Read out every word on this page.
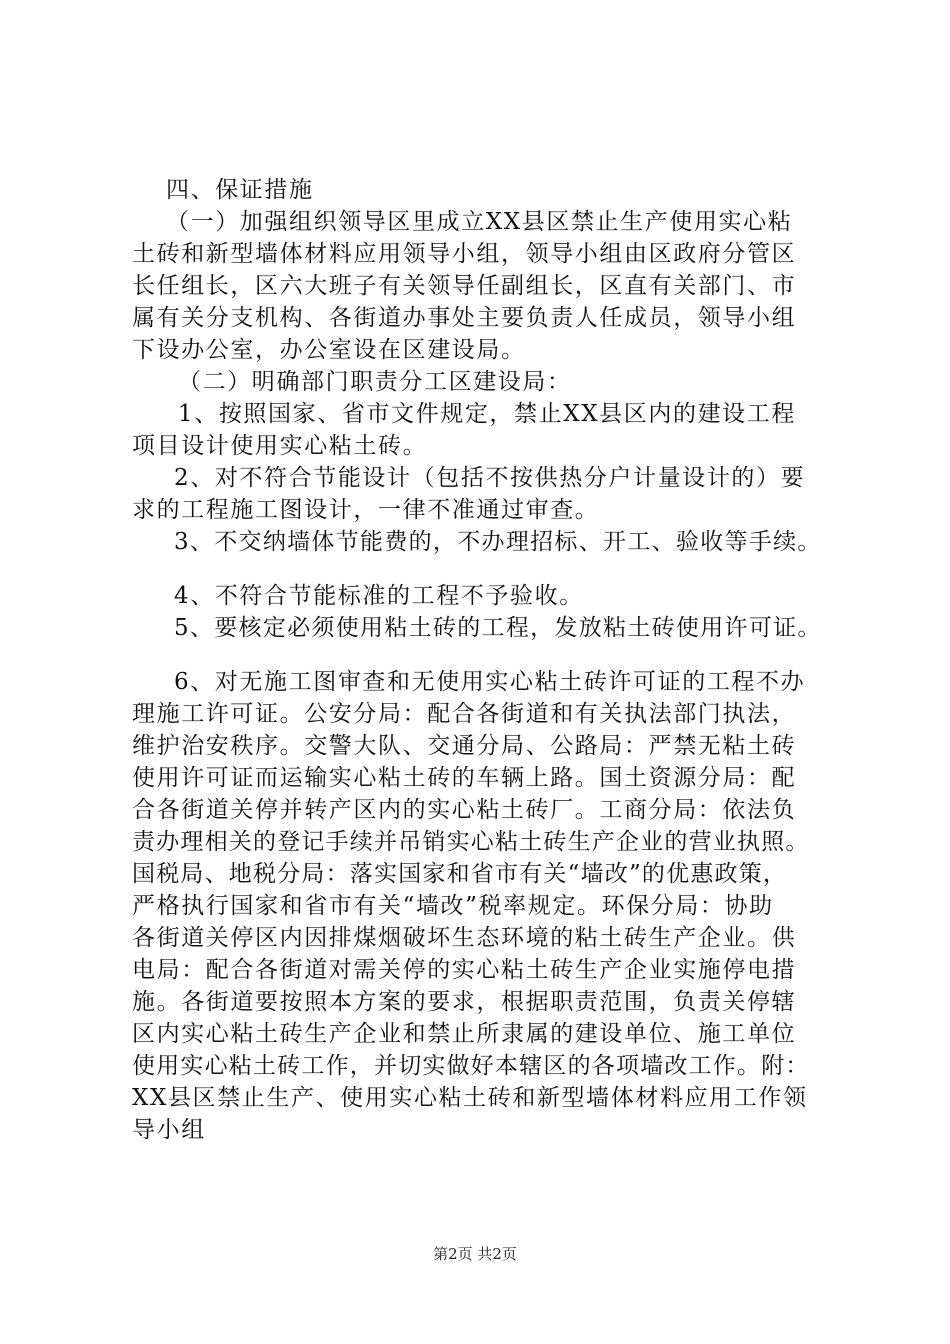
四、保证措施
（一）加强组织领导区里成立XX县区禁止生产使用实心粘
土砖和新型墙体材料应用领导小组，领导小组由区政府分管区
长任组长，区六大班子有关领导任副组长，区直有关部门、市
属有关分支机构、各街道办事处主要负责人任成员，领导小组
下设办公室，办公室设在区建设局。
（二）明确部门职责分工区建设局：
1、按照国家、省市文件规定，禁止XX县区内的建设工程
项目设计使用实心粘土砖。
2、对不符合节能设计（包括不按供热分户计量设计的）要
求的工程施工图设计，一律不准通过审查。
3、不交纳墙体节能费的，不办理招标、开工、验收等手续。
4、不符合节能标准的工程不予验收。
5、要核定必须使用粘土砖的工程，发放粘土砖使用许可证。
6、对无施工图审查和无使用实心粘土砖许可证的工程不办
理施工许可证。公安分局：配合各街道和有关执法部门执法，
维护治安秩序。交警大队、交通分局、公路局：严禁无粘土砖
使用许可证而运输实心粘土砖的车辆上路。国土资源分局：配
合各街道关停并转产区内的实心粘土砖厂。工商分局：依法负
责办理相关的登记手续并吊销实心粘土砖生产企业的营业执照。
国税局、地税分局：落实国家和省市有关“墙改”的优惠政策，
严格执行国家和省市有关“墙改”税率规定。环保分局：协助
各街道关停区内因排煤烟破坏生态环境的粘土砖生产企业。供
电局：配合各街道对需关停的实心粘土砖生产企业实施停电措
施。各街道要按照本方案的要求，根据职责范围，负责关停辖
区内实心粘土砖生产企业和禁止所隶属的建设单位、施工单位
使用实心粘土砖工作，并切实做好本辖区的各项墙改工作。附：
XX县区禁止生产、使用实心粘土砖和新型墙体材料应用工作领
导小组
第2页 共2页
